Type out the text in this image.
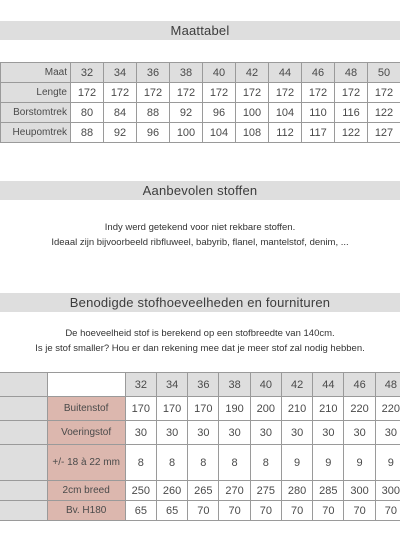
Maattabel
Maat	32	34	36	38	40	42	44	46	48	50
Lengte	172	172	172	172	172	172	172	172	172	172
Borstomtrek	80	84	88	92	96	100	104	110	116	122
Heupomtrek	88	92	96	100	104	108	112	117	122	127
Aanbevolen stoffen
Indy werd getekend voor niet rekbare stoffen.
Ideaal zijn bijvoorbeeld ribfluweel, babyrib, flanel, mantelstof, denim, ...
Benodigde stofhoeveelheden en fournituren
De hoeveelheid stof is berekend op een stofbreedte van 140cm.
Is je stof smaller? Hou er dan rekening mee dat je meer stof zal nodig hebben.
		32	34	36	38	40	42	44	46	48
	Buitenstof	170	170	170	190	200	210	210	220	220
	Voeringstof	30	30	30	30	30	30	30	30	30
	+/- 18 à 22 mm	8	8	8	8	8	9	9	9	9
	2cm breed	250	260	265	270	275	280	285	300	300
	Bv. H180	65	65	70	70	70	70	70	70	70
